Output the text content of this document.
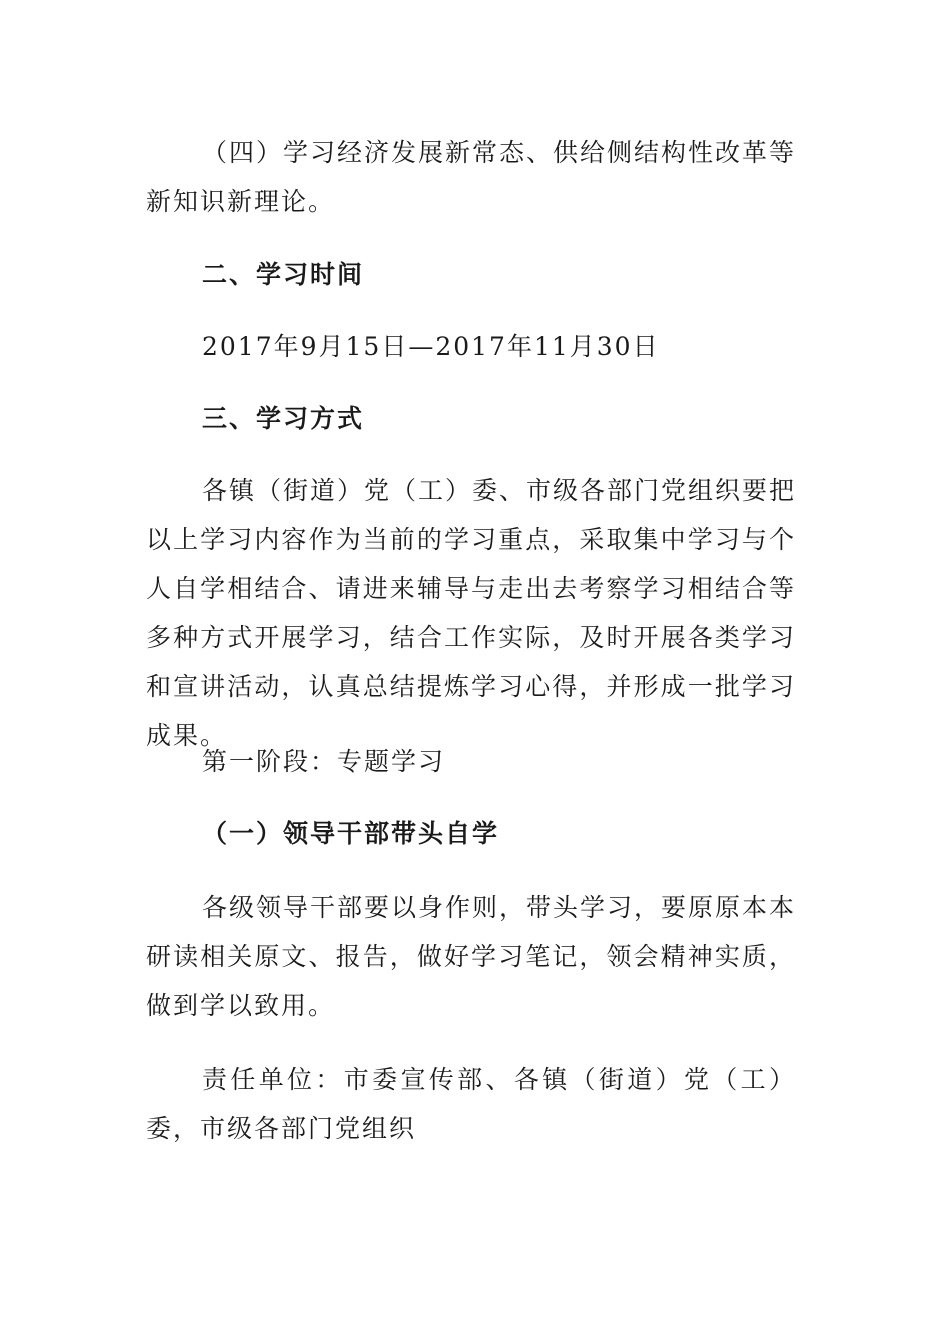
（四）学习经济发展新常态、供给侧结构性改革等新知识新理论。

二、学习时间

2017年9月15日—2017年11月30日

三、学习方式

各镇（街道）党（工）委、市级各部门党组织要把以上学习内容作为当前的学习重点，采取集中学习与个人自学相结合、请进来辅导与走出去考察学习相结合等多种方式开展学习，结合工作实际，及时开展各类学习和宣讲活动，认真总结提炼学习心得，并形成一批学习成果。

第一阶段：专题学习

（一）领导干部带头自学

各级领导干部要以身作则，带头学习，要原原本本研读相关原文、报告，做好学习笔记，领会精神实质，做到学以致用。

责任单位：市委宣传部、各镇（街道）党（工）委，市级各部门党组织
